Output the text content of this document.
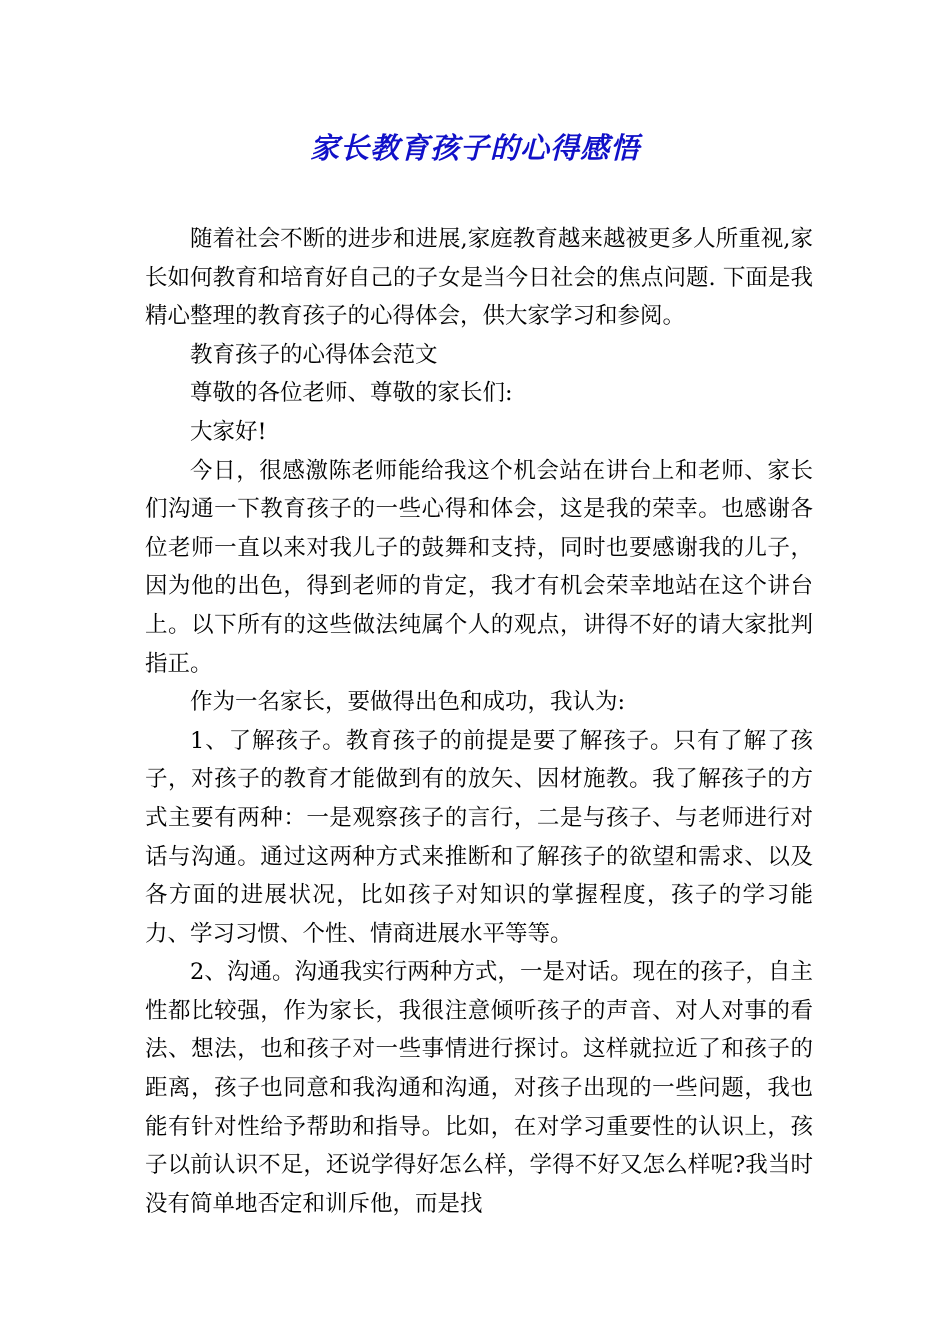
家长教育孩子的心得感悟

随着社会不断的进步和进展,家庭教育越来越被更多人所重视,家长如何教育和培育好自己的子女是当今日社会的焦点问题. 下面是我精心整理的教育孩子的心得体会，供大家学习和参阅。

教育孩子的心得体会范文

尊敬的各位老师、尊敬的家长们:

大家好!

今日，很感激陈老师能给我这个机会站在讲台上和老师、家长们沟通一下教育孩子的一些心得和体会，这是我的荣幸。也感谢各位老师一直以来对我儿子的鼓舞和支持，同时也要感谢我的儿子，因为他的出色，得到老师的肯定，我才有机会荣幸地站在这个讲台上。以下所有的这些做法纯属个人的观点，讲得不好的请大家批判指正。

作为一名家长，要做得出色和成功，我认为:

1、了解孩子。教育孩子的前提是要了解孩子。只有了解了孩子，对孩子的教育才能做到有的放矢、因材施教。我了解孩子的方式主要有两种：一是观察孩子的言行，二是与孩子、与老师进行对话与沟通。通过这两种方式来推断和了解孩子的欲望和需求、以及各方面的进展状况，比如孩子对知识的掌握程度，孩子的学习能力、学习习惯、个性、情商进展水平等等。

2、沟通。沟通我实行两种方式，一是对话。现在的孩子，自主性都比较强，作为家长，我很注意倾听孩子的声音、对人对事的看法、想法，也和孩子对一些事情进行探讨。这样就拉近了和孩子的距离，孩子也同意和我沟通和沟通，对孩子出现的一些问题，我也能有针对性给予帮助和指导。比如，在对学习重要性的认识上，孩子以前认识不足，还说学得好怎么样，学得不好又怎么样呢?我当时没有简单地否定和训斥他，而是找
